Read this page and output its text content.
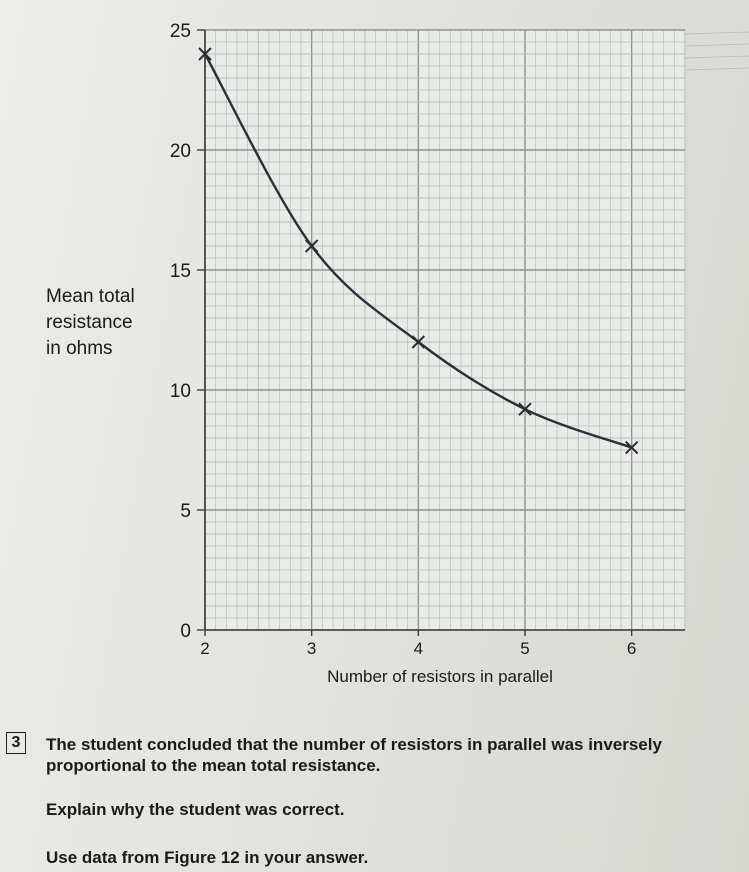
0
5
10
15
20
25
2	3	4	5	6
Number of resistors in parallel
Mean total
resistance
in ohms
3	The student concluded that the number of resistors in parallel was inversely proportional to the mean total resistance.
Explain why the student was correct.
Use data from Figure 12 in your answer.
